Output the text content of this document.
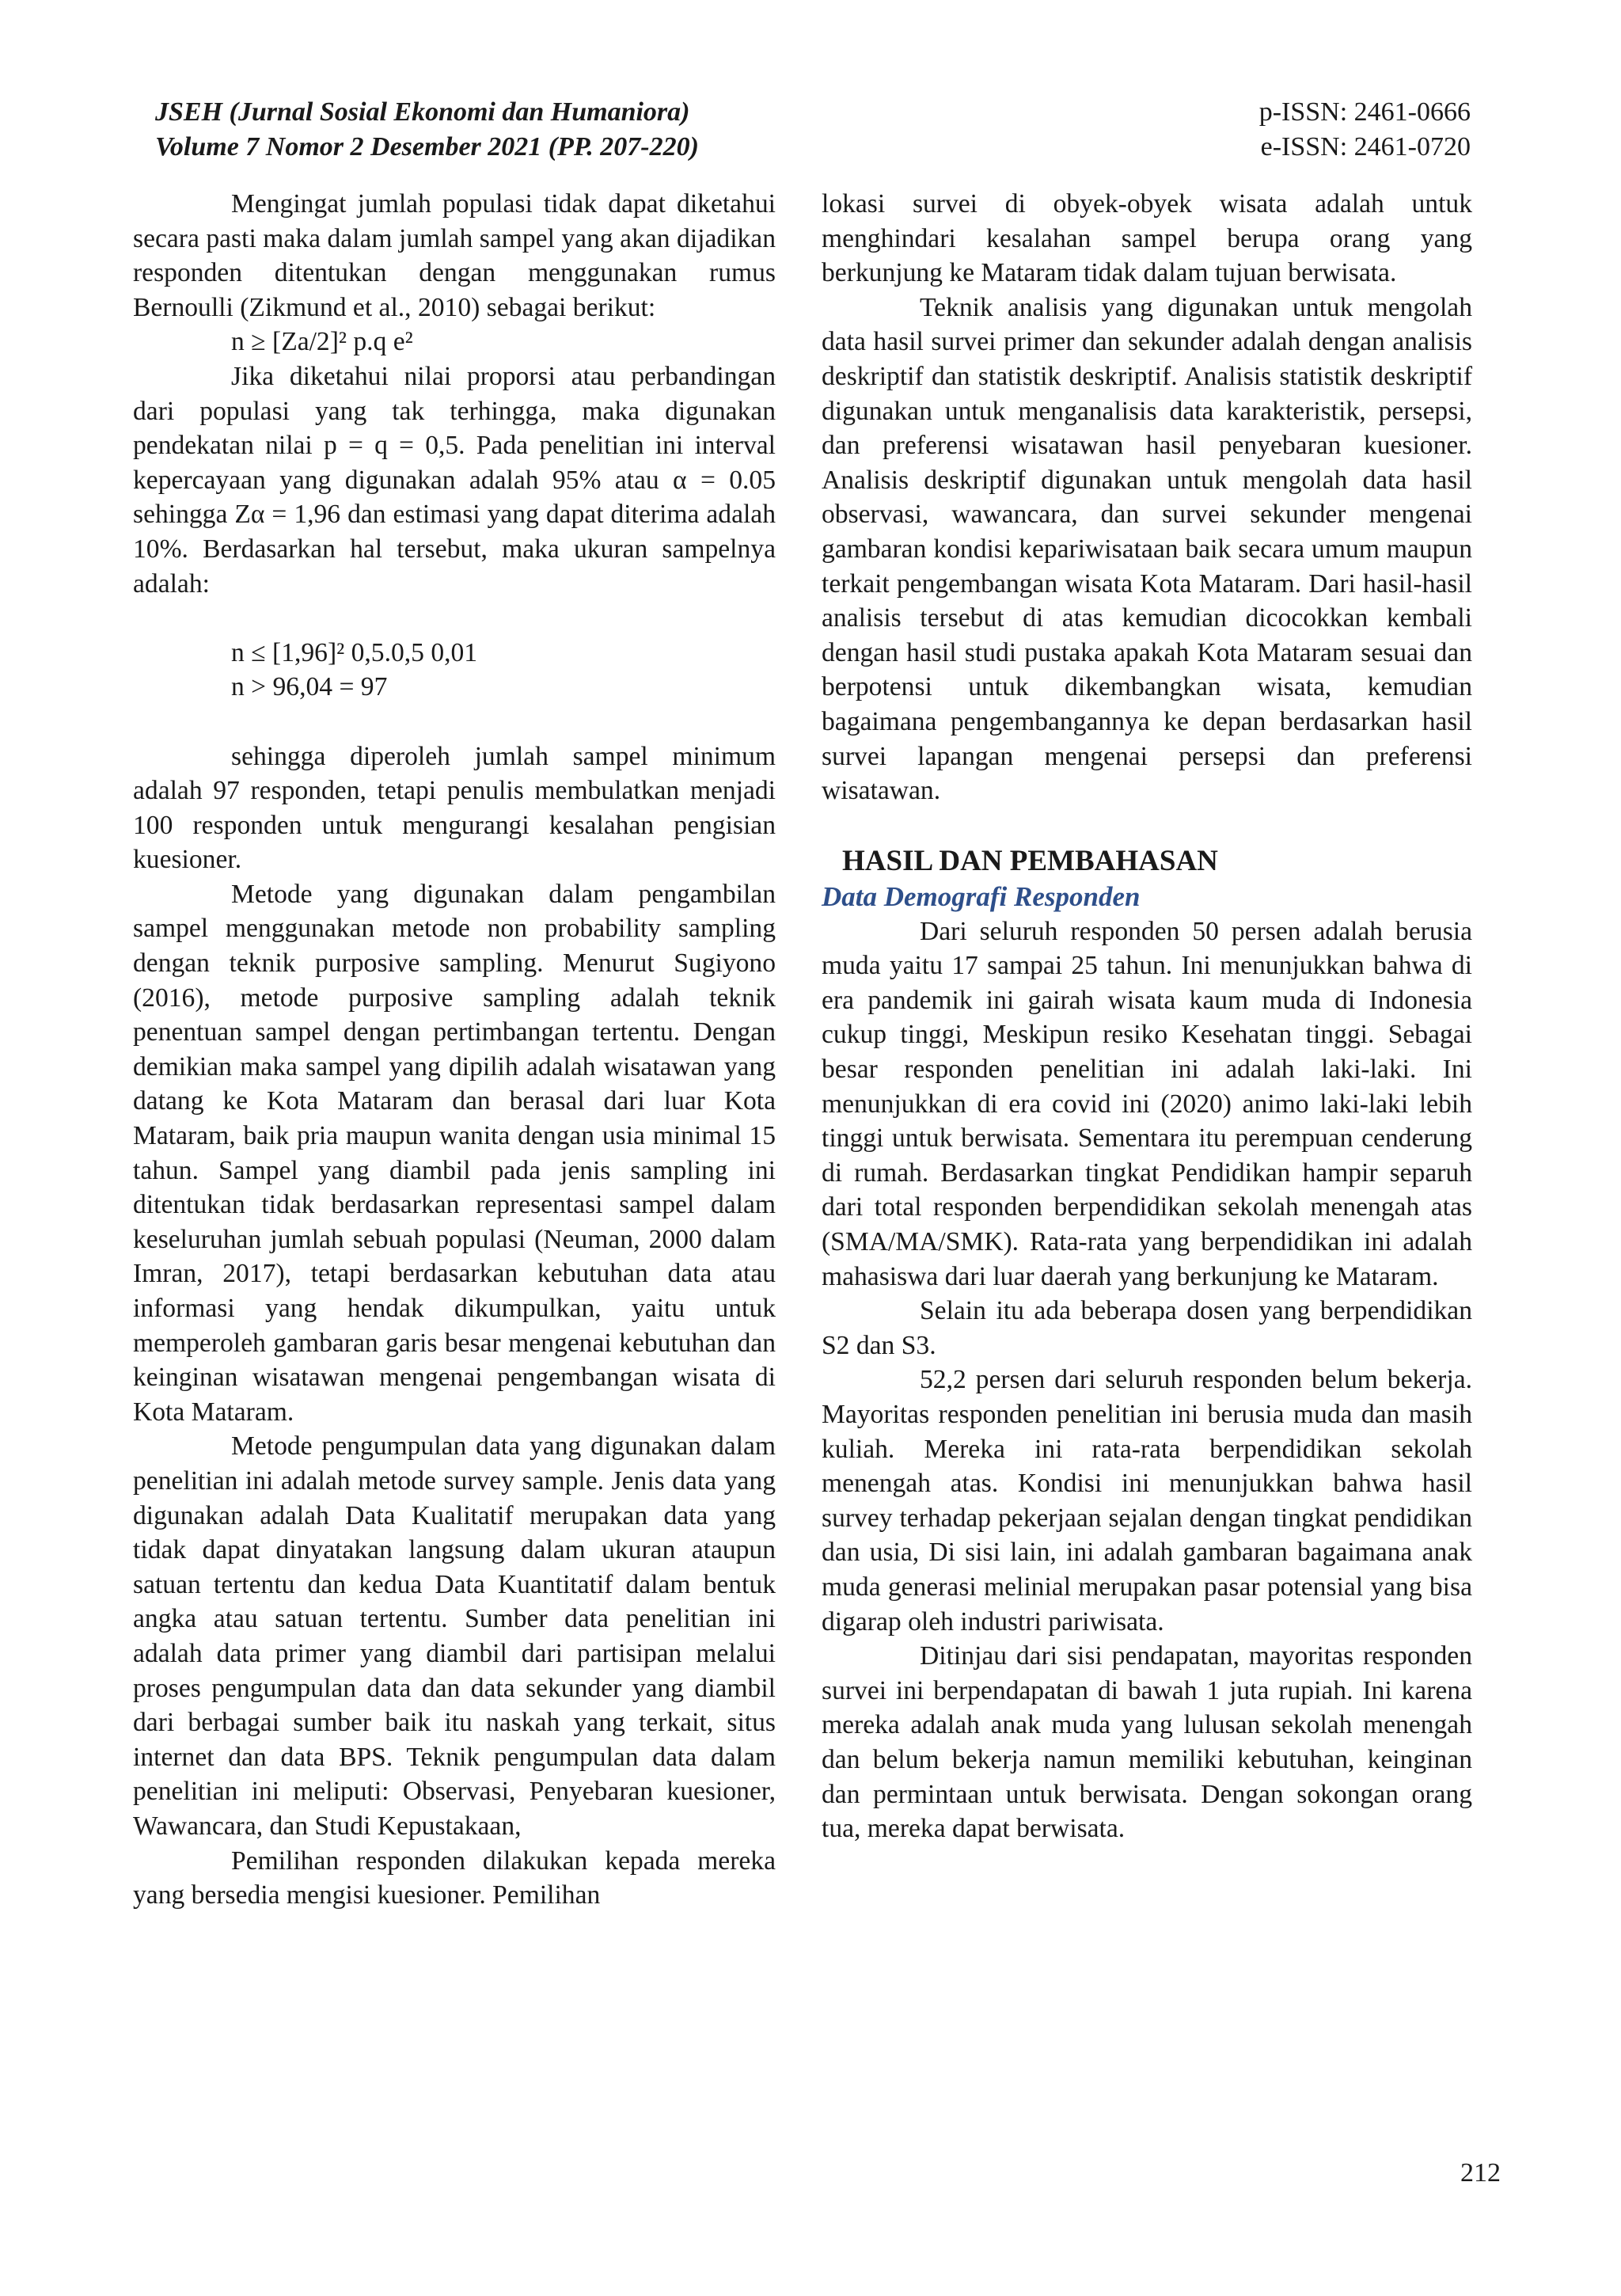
JSEH (Jurnal Sosial Ekonomi dan Humaniora)
Volume 7 Nomor 2 Desember 2021 (PP. 207-220)
p-ISSN: 2461-0666
e-ISSN: 2461-0720

Mengingat jumlah populasi tidak dapat diketahui secara pasti maka dalam jumlah sampel yang akan dijadikan responden ditentukan dengan menggunakan rumus Bernoulli (Zikmund et al., 2010) sebagai berikut:

n ≥ [Za/2]² p.q e²

Jika diketahui nilai proporsi atau perbandingan dari populasi yang tak terhingga, maka digunakan pendekatan nilai p = q = 0,5. Pada penelitian ini interval kepercayaan yang digunakan adalah 95% atau α = 0.05 sehingga Zα = 1,96 dan estimasi yang dapat diterima adalah 10%. Berdasarkan hal tersebut, maka ukuran sampelnya adalah:

n ≤ [1,96]² 0,5.0,5 0,01

n > 96,04 = 97

sehingga diperoleh jumlah sampel minimum adalah 97 responden, tetapi penulis membulatkan menjadi 100 responden untuk mengurangi kesalahan pengisian kuesioner.

Metode yang digunakan dalam pengambilan sampel menggunakan metode non probability sampling dengan teknik purposive sampling. Menurut Sugiyono (2016), metode purposive sampling adalah teknik penentuan sampel dengan pertimbangan tertentu. Dengan demikian maka sampel yang dipilih adalah wisatawan yang datang ke Kota Mataram dan berasal dari luar Kota Mataram, baik pria maupun wanita dengan usia minimal 15 tahun. Sampel yang diambil pada jenis sampling ini ditentukan tidak berdasarkan representasi sampel dalam keseluruhan jumlah sebuah populasi (Neuman, 2000 dalam Imran, 2017), tetapi berdasarkan kebutuhan data atau informasi yang hendak dikumpulkan, yaitu untuk memperoleh gambaran garis besar mengenai kebutuhan dan keinginan wisatawan mengenai pengembangan wisata di Kota Mataram.

Metode pengumpulan data yang digunakan dalam penelitian ini adalah metode survey sample. Jenis data yang digunakan adalah Data Kualitatif merupakan data yang tidak dapat dinyatakan langsung dalam ukuran ataupun satuan tertentu dan kedua Data Kuantitatif dalam bentuk angka atau satuan tertentu. Sumber data penelitian ini adalah data primer yang diambil dari partisipan melalui proses pengumpulan data dan data sekunder yang diambil dari berbagai sumber baik itu naskah yang terkait, situs internet dan data BPS. Teknik pengumpulan data dalam penelitian ini meliputi: Observasi, Penyebaran kuesioner, Wawancara, dan Studi Kepustakaan,

Pemilihan responden dilakukan kepada mereka yang bersedia mengisi kuesioner. Pemilihan

lokasi survei di obyek-obyek wisata adalah untuk menghindari kesalahan sampel berupa orang yang berkunjung ke Mataram tidak dalam tujuan berwisata.

Teknik analisis yang digunakan untuk mengolah data hasil survei primer dan sekunder adalah dengan analisis deskriptif dan statistik deskriptif. Analisis statistik deskriptif digunakan untuk menganalisis data karakteristik, persepsi, dan preferensi wisatawan hasil penyebaran kuesioner. Analisis deskriptif digunakan untuk mengolah data hasil observasi, wawancara, dan survei sekunder mengenai gambaran kondisi kepariwisataan baik secara umum maupun terkait pengembangan wisata Kota Mataram. Dari hasil-hasil analisis tersebut di atas kemudian dicocokkan kembali dengan hasil studi pustaka apakah Kota Mataram sesuai dan berpotensi untuk dikembangkan wisata, kemudian bagaimana pengembangannya ke depan berdasarkan hasil survei lapangan mengenai persepsi dan preferensi wisatawan.

HASIL DAN PEMBAHASAN
Data Demografi Responden

Dari seluruh responden 50 persen adalah berusia muda yaitu 17 sampai 25 tahun. Ini menunjukkan bahwa di era pandemik ini gairah wisata kaum muda di Indonesia cukup tinggi, Meskipun resiko Kesehatan tinggi. Sebagai besar responden penelitian ini adalah laki-laki. Ini menunjukkan di era covid ini (2020) animo laki-laki lebih tinggi untuk berwisata. Sementara itu perempuan cenderung di rumah. Berdasarkan tingkat Pendidikan hampir separuh dari total responden berpendidikan sekolah menengah atas (SMA/MA/SMK). Rata-rata yang berpendidikan ini adalah mahasiswa dari luar daerah yang berkunjung ke Mataram.

Selain itu ada beberapa dosen yang berpendidikan S2 dan S3.

52,2 persen dari seluruh responden belum bekerja. Mayoritas responden penelitian ini berusia muda dan masih kuliah. Mereka ini rata-rata berpendidikan sekolah menengah atas. Kondisi ini menunjukkan bahwa hasil survey terhadap pekerjaan sejalan dengan tingkat pendidikan dan usia, Di sisi lain, ini adalah gambaran bagaimana anak muda generasi melinial merupakan pasar potensial yang bisa digarap oleh industri pariwisata.

Ditinjau dari sisi pendapatan, mayoritas responden survei ini berpendapatan di bawah 1 juta rupiah. Ini karena mereka adalah anak muda yang lulusan sekolah menengah dan belum bekerja namun memiliki kebutuhan, keinginan dan permintaan untuk berwisata. Dengan sokongan orang tua, mereka dapat berwisata.

212
